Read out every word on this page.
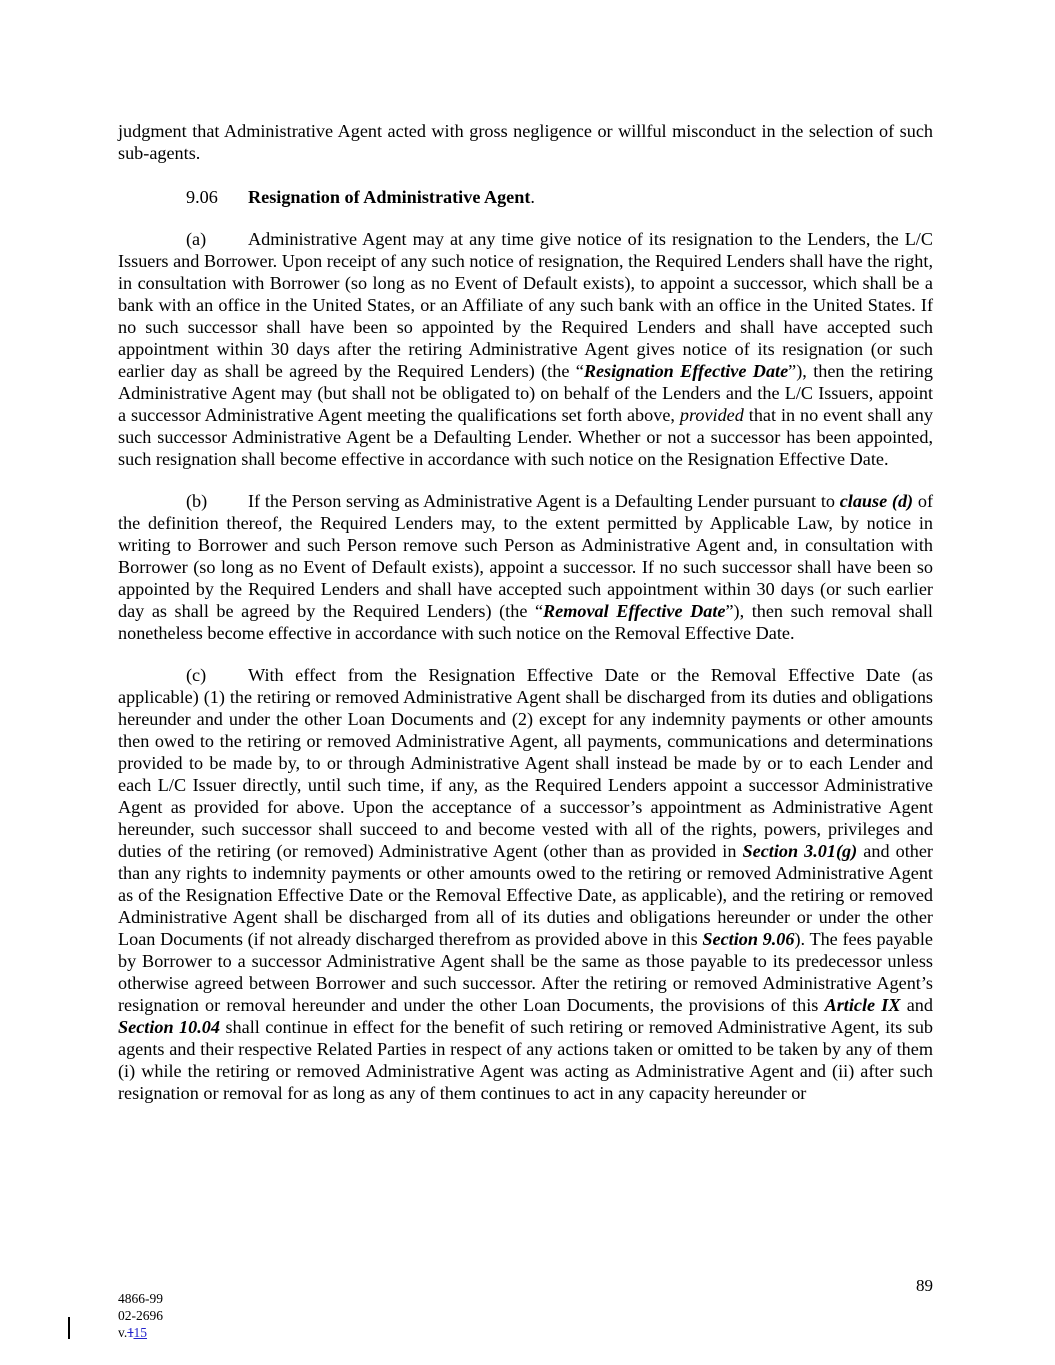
judgment that Administrative Agent acted with gross negligence or willful misconduct in the selection of such sub-agents.

9.06 Resignation of Administrative Agent.

(a) Administrative Agent may at any time give notice of its resignation to the Lenders, the L/C Issuers and Borrower. Upon receipt of any such notice of resignation, the Required Lenders shall have the right, in consultation with Borrower (so long as no Event of Default exists), to appoint a successor, which shall be a bank with an office in the United States, or an Affiliate of any such bank with an office in the United States. If no such successor shall have been so appointed by the Required Lenders and shall have accepted such appointment within 30 days after the retiring Administrative Agent gives notice of its resignation (or such earlier day as shall be agreed by the Required Lenders) (the “Resignation Effective Date”), then the retiring Administrative Agent may (but shall not be obligated to) on behalf of the Lenders and the L/C Issuers, appoint a successor Administrative Agent meeting the qualifications set forth above, provided that in no event shall any such successor Administrative Agent be a Defaulting Lender. Whether or not a successor has been appointed, such resignation shall become effective in accordance with such notice on the Resignation Effective Date.

(b) If the Person serving as Administrative Agent is a Defaulting Lender pursuant to clause (d) of the definition thereof, the Required Lenders may, to the extent permitted by Applicable Law, by notice in writing to Borrower and such Person remove such Person as Administrative Agent and, in consultation with Borrower (so long as no Event of Default exists), appoint a successor. If no such successor shall have been so appointed by the Required Lenders and shall have accepted such appointment within 30 days (or such earlier day as shall be agreed by the Required Lenders) (the “Removal Effective Date”), then such removal shall nonetheless become effective in accordance with such notice on the Removal Effective Date.

(c) With effect from the Resignation Effective Date or the Removal Effective Date (as applicable) (1) the retiring or removed Administrative Agent shall be discharged from its duties and obligations hereunder and under the other Loan Documents and (2) except for any indemnity payments or other amounts then owed to the retiring or removed Administrative Agent, all payments, communications and determinations provided to be made by, to or through Administrative Agent shall instead be made by or to each Lender and each L/C Issuer directly, until such time, if any, as the Required Lenders appoint a successor Administrative Agent as provided for above. Upon the acceptance of a successor’s appointment as Administrative Agent hereunder, such successor shall succeed to and become vested with all of the rights, powers, privileges and duties of the retiring (or removed) Administrative Agent (other than as provided in Section 3.01(g) and other than any rights to indemnity payments or other amounts owed to the retiring or removed Administrative Agent as of the Resignation Effective Date or the Removal Effective Date, as applicable), and the retiring or removed Administrative Agent shall be discharged from all of its duties and obligations hereunder or under the other Loan Documents (if not already discharged therefrom as provided above in this Section 9.06). The fees payable by Borrower to a successor Administrative Agent shall be the same as those payable to its predecessor unless otherwise agreed between Borrower and such successor. After the retiring or removed Administrative Agent’s resignation or removal hereunder and under the other Loan Documents, the provisions of this Article IX and Section 10.04 shall continue in effect for the benefit of such retiring or removed Administrative Agent, its sub agents and their respective Related Parties in respect of any actions taken or omitted to be taken by any of them (i) while the retiring or removed Administrative Agent was acting as Administrative Agent and (ii) after such resignation or removal for as long as any of them continues to act in any capacity hereunder or

89
4866-99
02-2696
v.115
